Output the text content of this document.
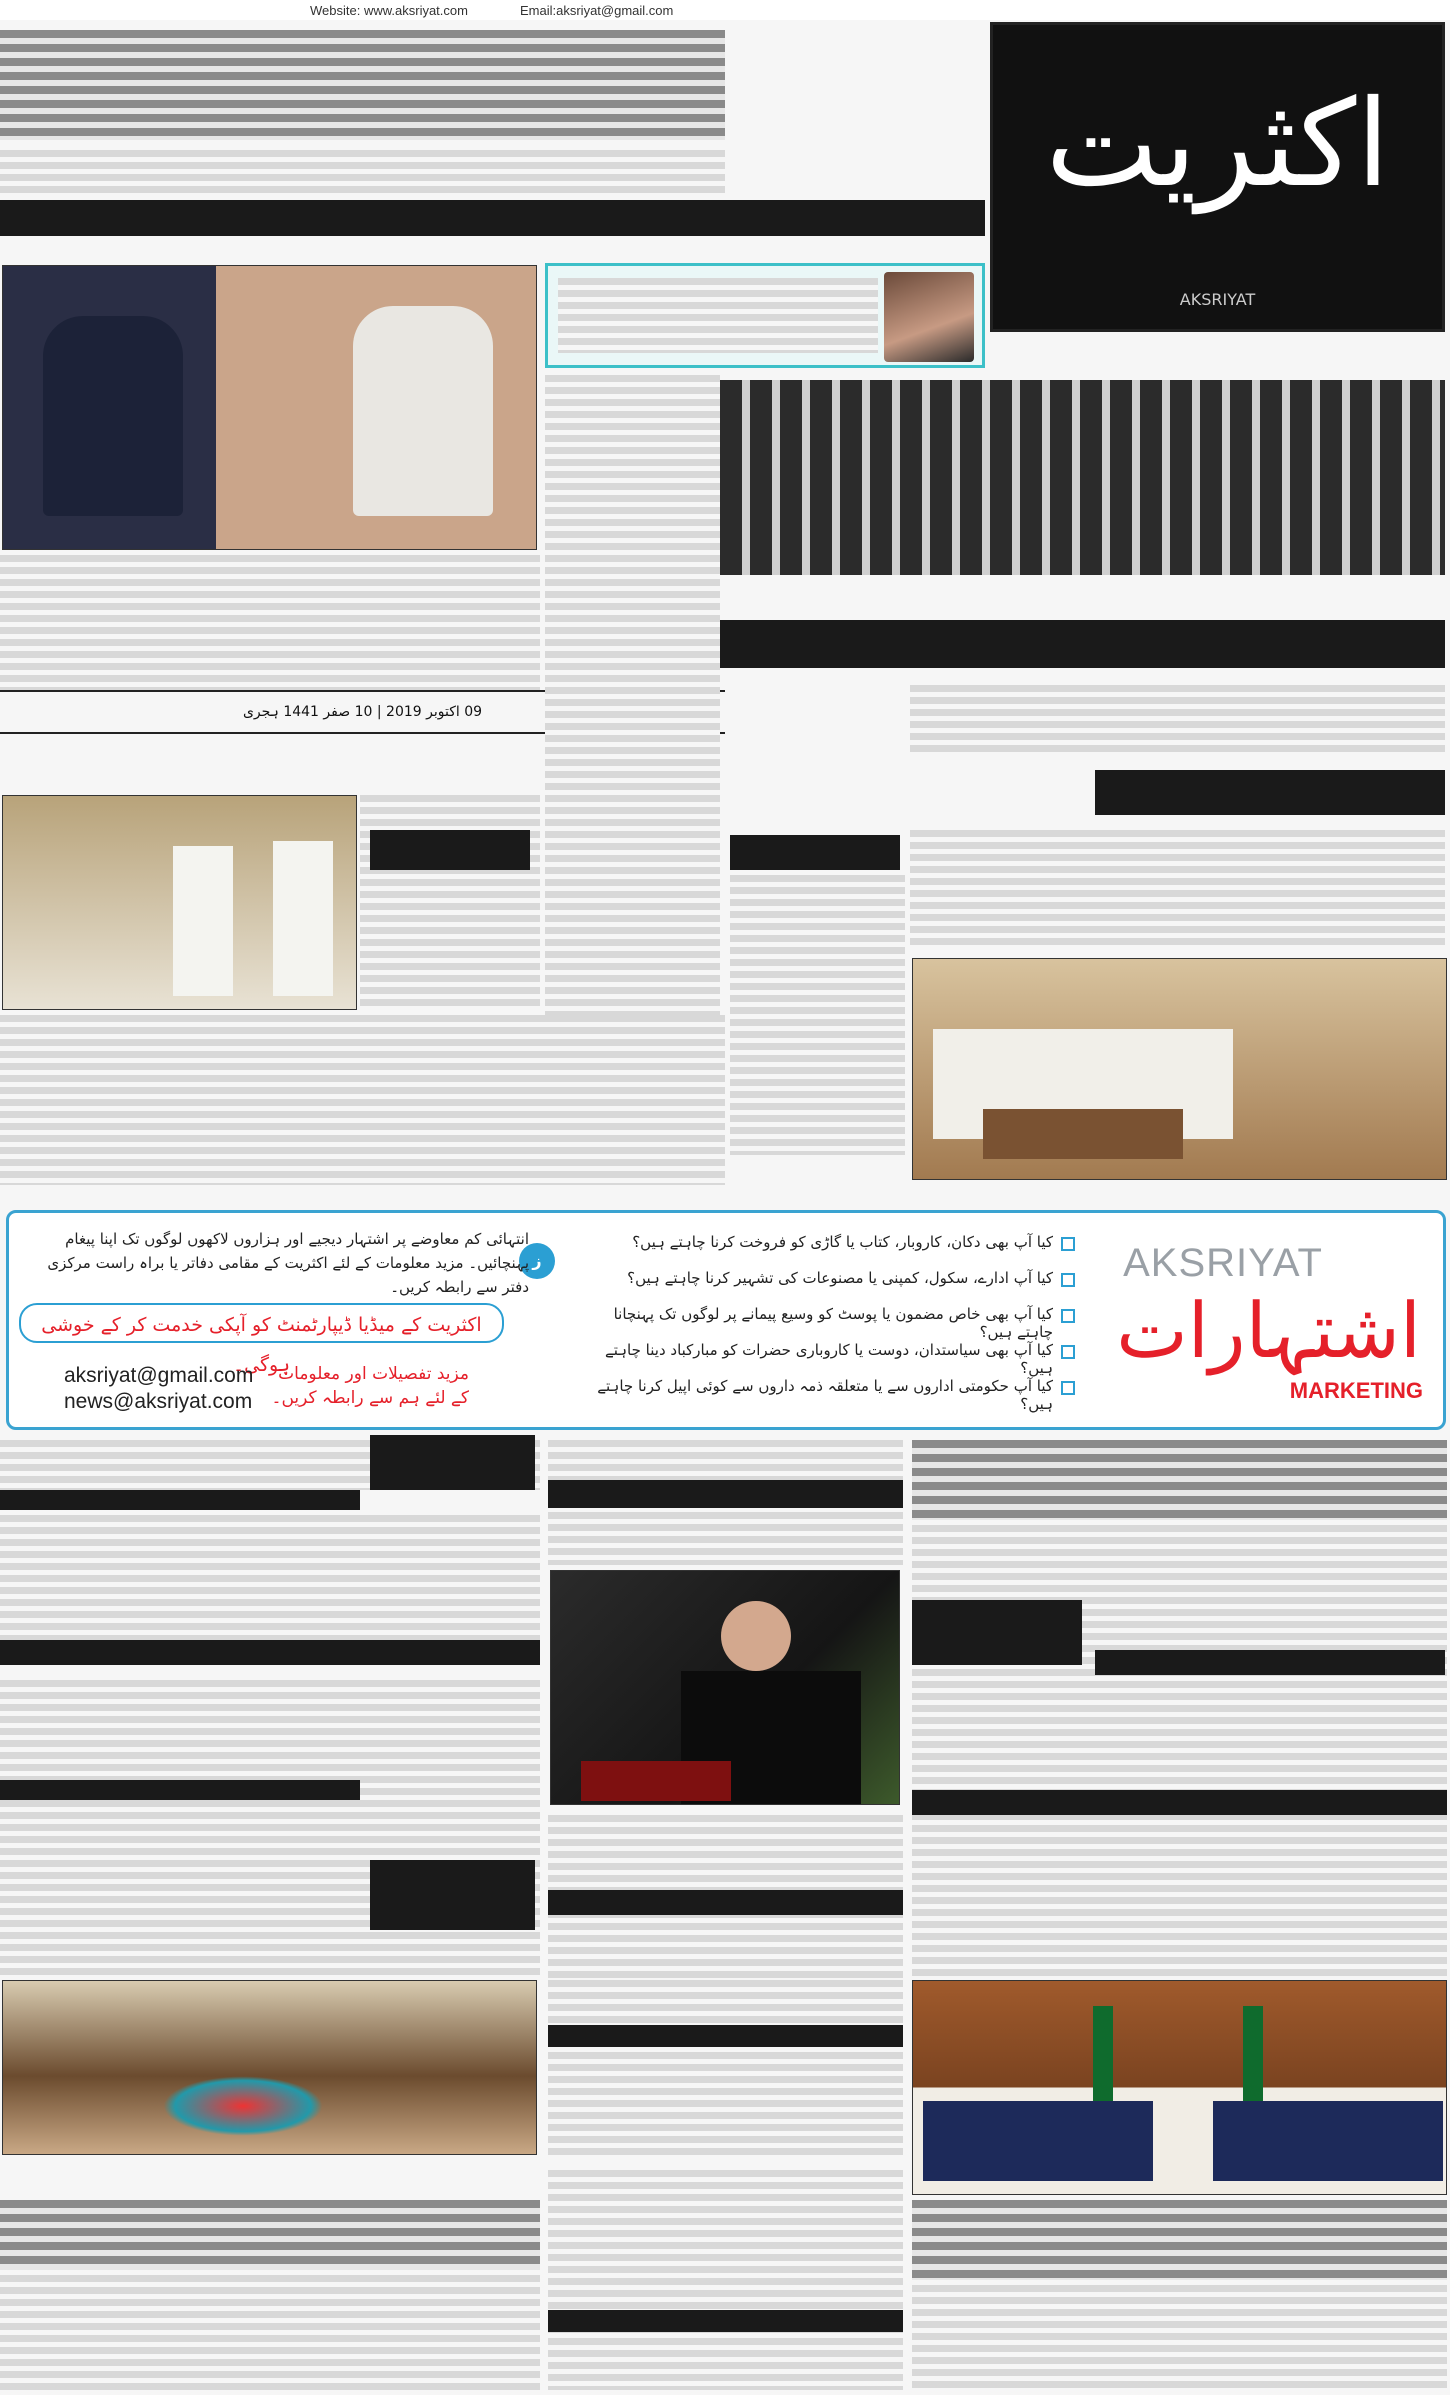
Website: www.aksriyat.com	Email:aksriyat@gmail.com
اکثریت
AKSRIYAT
09 اکتوبر 2019 | 10 صفر 1441 ہجری
AKSRIYAT
اشتہارات
MARKETING
کیا آپ بھی دکان، کاروبار، کتاب یا گاڑی کو فروخت کرنا چاہتے ہیں؟
کیا آپ ادارے، سکول، کمپنی یا مصنوعات کی تشہیر کرنا چاہتے ہیں؟
کیا آپ بھی خاص مضمون یا پوسٹ کو وسیع پیمانے پر لوگوں تک پہنچانا چاہتے ہیں؟
کیا آپ بھی سیاستدان، دوست یا کاروباری حضرات کو مبارکباد دینا چاہتے ہیں؟
کیا آپ حکومتی اداروں سے یا متعلقہ ذمہ داروں سے کوئی اپیل کرنا چاہتے ہیں؟
ز
انتہائی کم معاوضے پر اشتہار دیجیے اور ہزاروں لاکھوں لوگوں تک اپنا پیغام پہنچائیں۔ مزید معلومات کے لئے اکثریت کے مقامی دفاتر یا براہ راست مرکزی دفتر سے رابطہ کریں۔
اکثریت کے میڈیا ڈیپارٹمنٹ کو آپکی خدمت کر کے خوشی ہوگی۔
aksriyat@gmail.com
news@aksriyat.com
مزید تفصیلات اور معلومات کے لئے ہم سے رابطہ کریں۔
